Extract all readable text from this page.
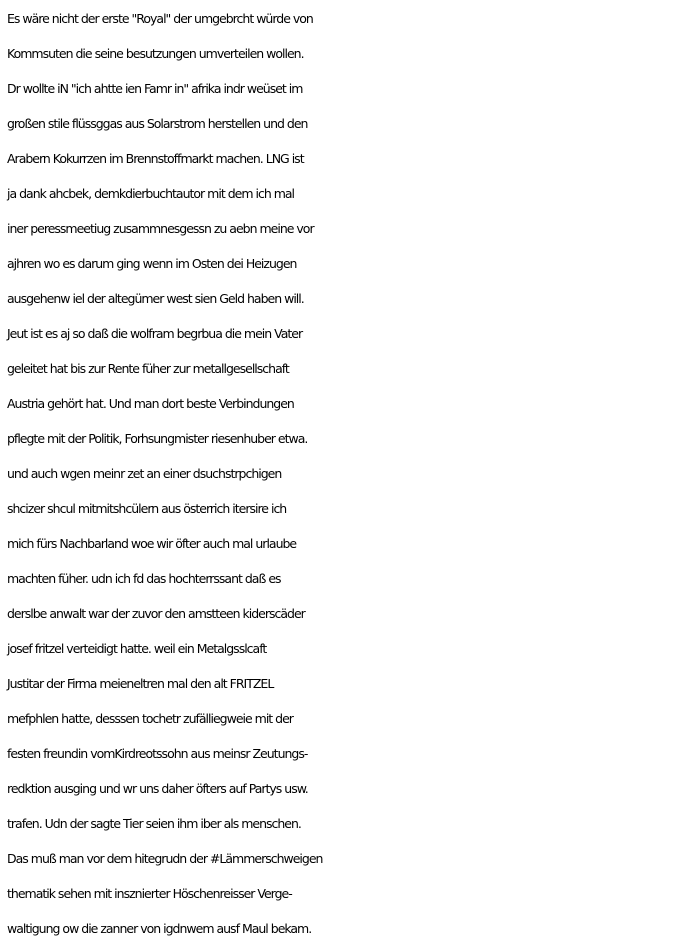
Es wäre nicht der erste "Royal" der umgebrcht würde von
Kommsuten die seine besutzungen umverteilen wollen.
Dr wollte iN "ich ahtte ien Famr in" afrika indr weüset im
großen stile flüssggas aus Solarstrom herstellen und den
Arabern Kokurrzen im Brennstoffmarkt machen. LNG ist
ja dank ahcbek, demkdierbuchtautor mit dem ich mal
iner peressmeetiug zusammnesgessn zu aebn meine vor
ajhren wo es darum ging wenn im Osten dei Heizugen
ausgehenw iel der altegümer west sien Geld haben will.
Jeut ist es aj so daß die wolfram begrbua die mein Vater
geleitet hat bis zur Rente füher zur metallgesellschaft
Austria gehört hat. Und man dort beste Verbindungen
pflegte mit der Politik, Forhsungmister riesenhuber etwa.
und auch wgen meinr zet an einer dsuchstrpchigen
shcizer shcul mitmitshcülern aus österrich itersire ich
mich fürs Nachbarland woe wir öfter auch mal urlaube
machten füher. udn ich fd das hochterrssant daß es
derslbe anwalt war der zuvor den amstteen kiderscäder
josef fritzel verteidigt hatte. weil ein Metalgsslcaft
Justitar der Firma meieneltren mal den alt FRITZEL
mefphlen hatte, desssen tochetr zufälliegweie mit der
festen freundin vomKirdreotssohn aus meinsr Zeutungs-
redktion ausging und wr uns daher öfters auf Partys usw.
trafen. Udn der sagte Tier seien ihm iber als menschen.
Das muß man vor dem hitegrudn der #Lämmerschweigen
thematik sehen mit insznierter Höschenreisser Verge-
waltigung ow die zanner von igdnwem ausf Maul bekam.
